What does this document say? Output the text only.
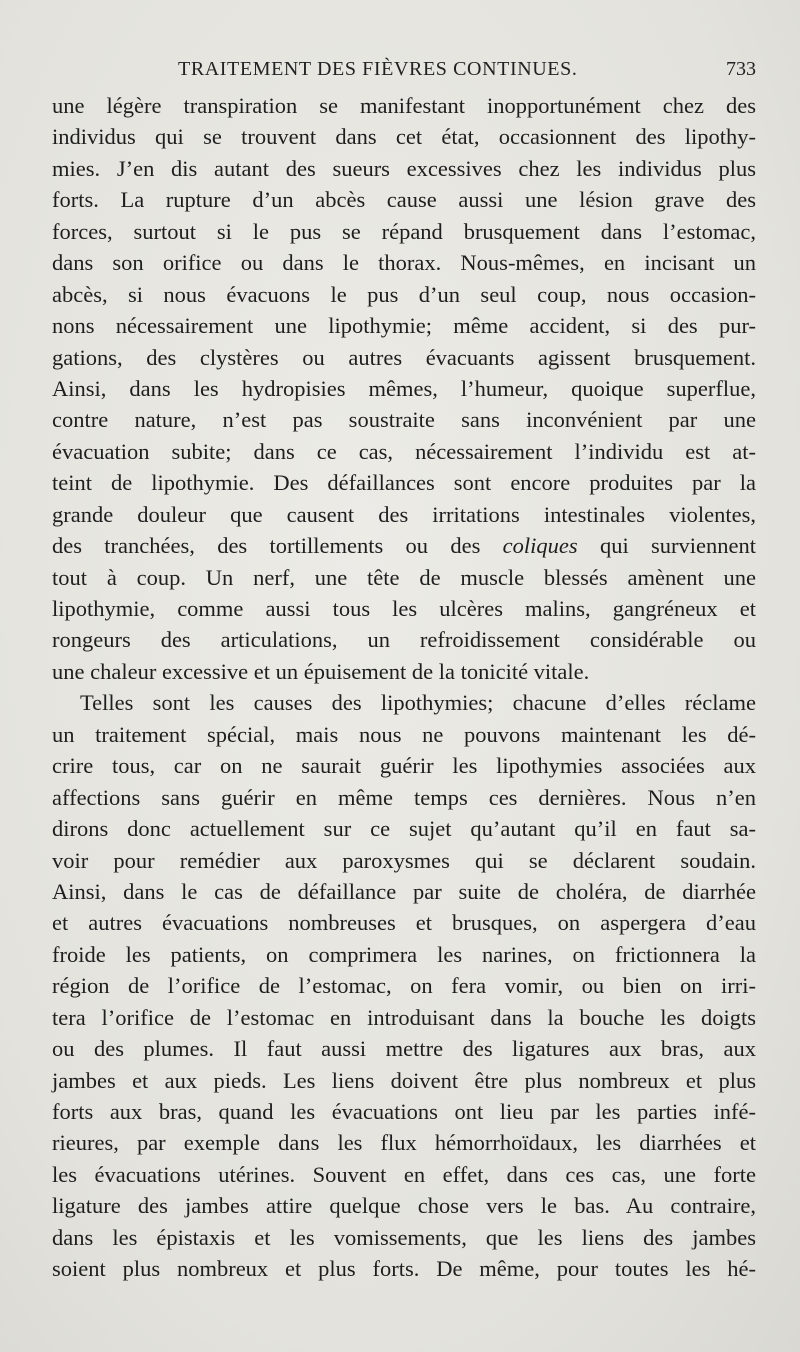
TRAITEMENT DES FIÈVRES CONTINUES.	733
une légère transpiration se manifestant inopportunément chez des
individus qui se trouvent dans cet état, occasionnent des lipothy-
mies. J’en dis autant des sueurs excessives chez les individus plus
forts. La rupture d’un abcès cause aussi une lésion grave des
forces, surtout si le pus se répand brusquement dans l’estomac,
dans son orifice ou dans le thorax. Nous-mêmes, en incisant un
abcès, si nous évacuons le pus d’un seul coup, nous occasion-
nons nécessairement une lipothymie; même accident, si des pur-
gations, des clystères ou autres évacuants agissent brusquement.
Ainsi, dans les hydropisies mêmes, l’humeur, quoique superflue,
contre nature, n’est pas soustraite sans inconvénient par une
évacuation subite; dans ce cas, nécessairement l’individu est at-
teint de lipothymie. Des défaillances sont encore produites par la
grande douleur que causent des irritations intestinales violentes,
des tranchées, des tortillements ou des coliques qui surviennent
tout à coup. Un nerf, une tête de muscle blessés amènent une
lipothymie, comme aussi tous les ulcères malins, gangréneux et
rongeurs des articulations, un refroidissement considérable ou
une chaleur excessive et un épuisement de la tonicité vitale.
Telles sont les causes des lipothymies; chacune d’elles réclame
un traitement spécial, mais nous ne pouvons maintenant les dé-
crire tous, car on ne saurait guérir les lipothymies associées aux
affections sans guérir en même temps ces dernières. Nous n’en
dirons donc actuellement sur ce sujet qu’autant qu’il en faut sa-
voir pour remédier aux paroxysmes qui se déclarent soudain.
Ainsi, dans le cas de défaillance par suite de choléra, de diarrhée
et autres évacuations nombreuses et brusques, on aspergera d’eau
froide les patients, on comprimera les narines, on frictionnera la
région de l’orifice de l’estomac, on fera vomir, ou bien on irri-
tera l’orifice de l’estomac en introduisant dans la bouche les doigts
ou des plumes. Il faut aussi mettre des ligatures aux bras, aux
jambes et aux pieds. Les liens doivent être plus nombreux et plus
forts aux bras, quand les évacuations ont lieu par les parties infé-
rieures, par exemple dans les flux hémorrhoïdaux, les diarrhées et
les évacuations utérines. Souvent en effet, dans ces cas, une forte
ligature des jambes attire quelque chose vers le bas. Au contraire,
dans les épistaxis et les vomissements, que les liens des jambes
soient plus nombreux et plus forts. De même, pour toutes les hé-
